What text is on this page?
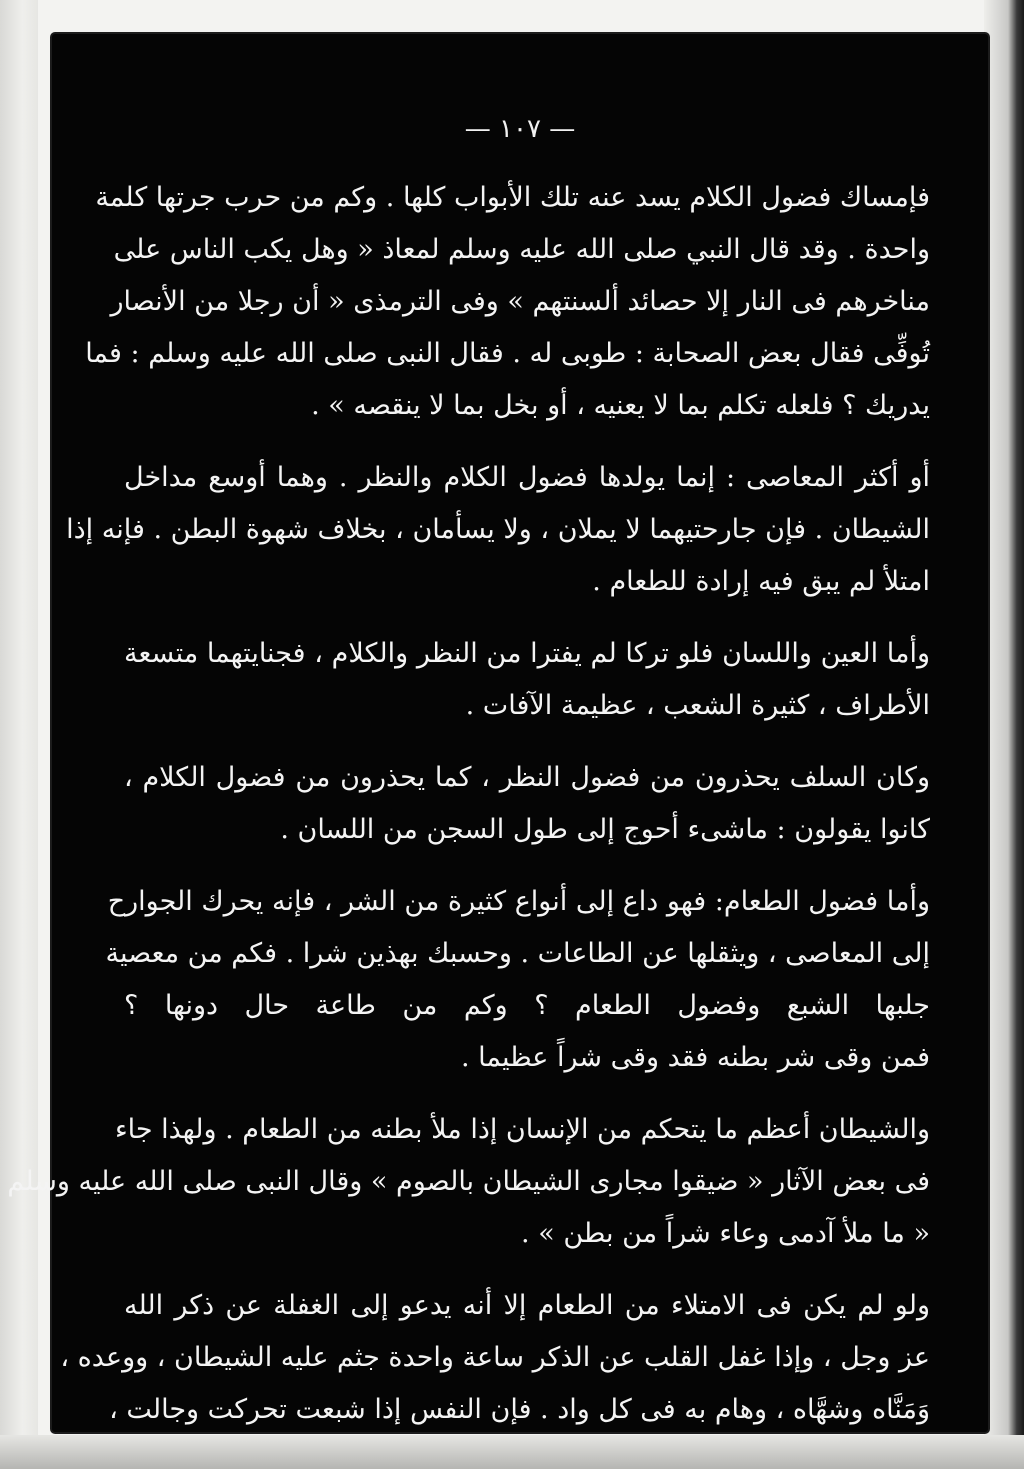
— ١٠٧ —
فإمساك فضول الكلام يسد عنه تلك الأبواب كلها . وكم من حرب جرتها كلمة
واحدة . وقد قال النبي صلى الله عليه وسلم لمعاذ « وهل يكب الناس على
مناخرهم فى النار إلا حصائد ألسنتهم » وفى الترمذى « أن رجلا من الأنصار
تُوفِّى فقال بعض الصحابة : طوبى له . فقال النبى صلى الله عليه وسلم : فما
يدريك ؟ فلعله تكلم بما لا يعنيه ، أو بخل بما لا ينقصه » .
أو أكثر المعاصى : إنما يولدها فضول الكلام والنظر . وهما أوسع مداخل
الشيطان . فإن جارحتيهما لا يملان ، ولا يسأمان ، بخلاف شهوة البطن . فإنه إذا
امتلأ لم يبق فيه إرادة للطعام .
وأما العين واللسان فلو تركا لم يفترا من النظر والكلام ، فجنايتهما متسعة
الأطراف ، كثيرة الشعب ، عظيمة الآفات .
وكان السلف يحذرون من فضول النظر ، كما يحذرون من فضول الكلام ،
كانوا يقولون : ماشىء أحوج إلى طول السجن من اللسان .
وأما فضول الطعام: فهو داع إلى أنواع كثيرة من الشر ، فإنه يحرك الجوارح
إلى المعاصى ، ويثقلها عن الطاعات . وحسبك بهذين شرا . فكم من معصية
جلبها الشبع وفضول الطعام ؟ وكم من طاعة حال دونها ؟
فمن وقى شر بطنه فقد وقى شراً عظيما .
والشيطان أعظم ما يتحكم من الإنسان إذا ملأ بطنه من الطعام . ولهذا جاء
فى بعض الآثار « ضيقوا مجارى الشيطان بالصوم » وقال النبى صلى الله عليه وسلم
« ما ملأ آدمى وعاء شراً من بطن » .
ولو لم يكن فى الامتلاء من الطعام إلا أنه يدعو إلى الغفلة عن ذكر الله
عز وجل ، وإذا غفل القلب عن الذكر ساعة واحدة جثم عليه الشيطان ، ووعده ،
وَمَنَّاه وشهَّاه ، وهام به فى كل واد . فإن النفس إذا شبعت تحركت وجالت ،
